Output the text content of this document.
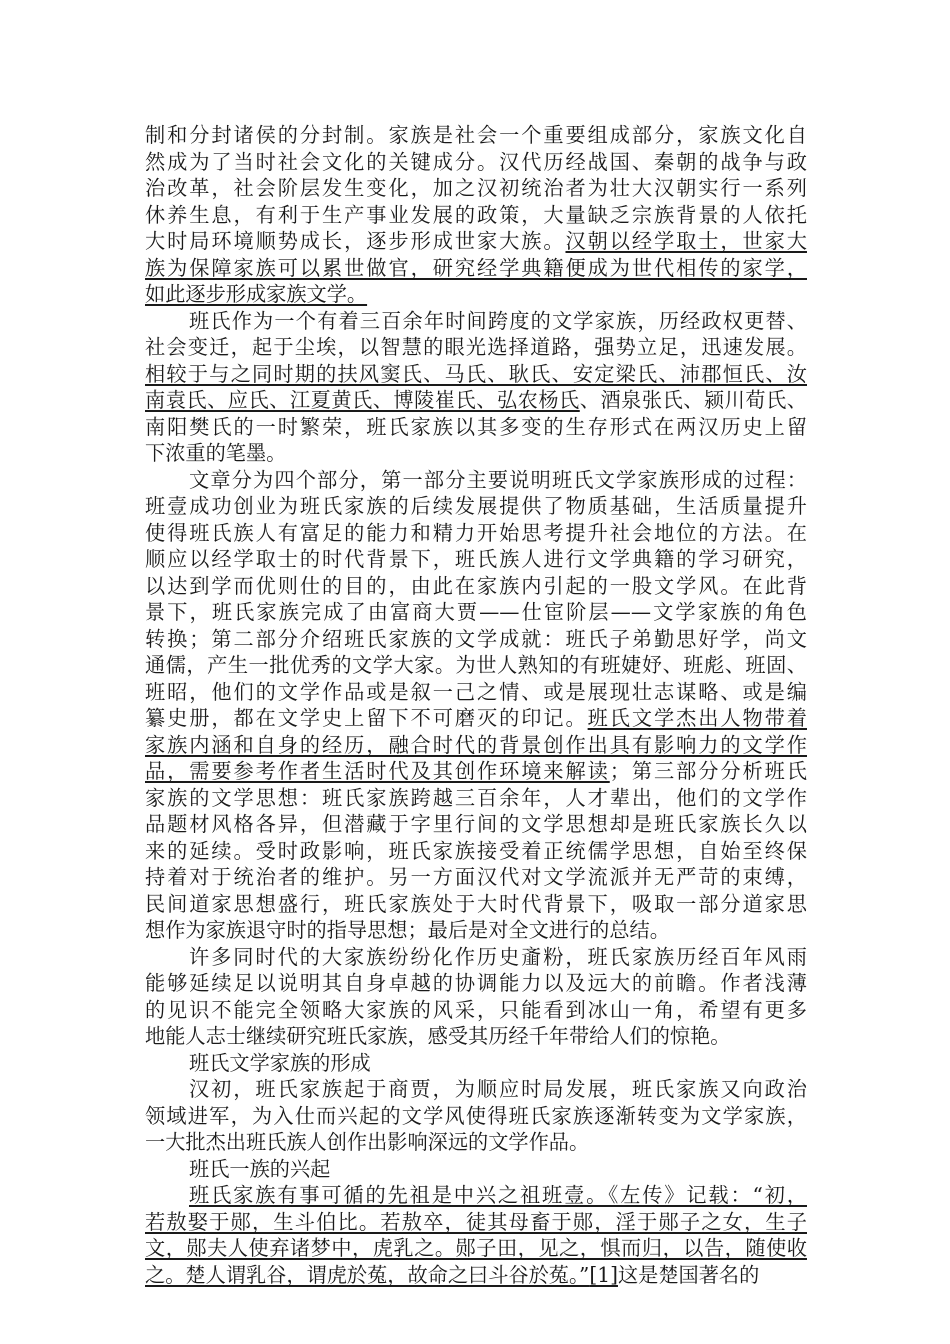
制和分封诸侯的分封制。家族是社会一个重要组成部分，家族文化自
然成为了当时社会文化的关键成分。汉代历经战国、秦朝的战争与政
治改革，社会阶层发生变化，加之汉初统治者为壮大汉朝实行一系列
休养生息，有利于生产事业发展的政策，大量缺乏宗族背景的人依托
大时局环境顺势成长，逐步形成世家大族。汉朝以经学取士，世家大
族为保障家族可以累世做官，研究经学典籍便成为世代相传的家学，
如此逐步形成家族文学。
班氏作为一个有着三百余年时间跨度的文学家族，历经政权更替、
社会变迁，起于尘埃，以智慧的眼光选择道路，强势立足，迅速发展。
相较于与之同时期的扶风窦氏、马氏、耿氏、安定梁氏、沛郡恒氏、汝
南袁氏、应氏、江夏黄氏、博陵崔氏、弘农杨氏、酒泉张氏、颍川荀氏、
南阳樊氏的一时繁荣，班氏家族以其多变的生存形式在两汉历史上留
下浓重的笔墨。
文章分为四个部分，第一部分主要说明班氏文学家族形成的过程：
班壹成功创业为班氏家族的后续发展提供了物质基础，生活质量提升
使得班氏族人有富足的能力和精力开始思考提升社会地位的方法。在
顺应以经学取士的时代背景下，班氏族人进行文学典籍的学习研究，
以达到学而优则仕的目的，由此在家族内引起的一股文学风。在此背
景下，班氏家族完成了由富商大贾——仕宦阶层——文学家族的角色
转换；第二部分介绍班氏家族的文学成就：班氏子弟勤思好学，尚文
通儒，产生一批优秀的文学大家。为世人熟知的有班婕妤、班彪、班固、
班昭，他们的文学作品或是叙一己之情、或是展现壮志谋略、或是编
纂史册，都在文学史上留下不可磨灭的印记。班氏文学杰出人物带着
家族内涵和自身的经历，融合时代的背景创作出具有影响力的文学作
品，需要参考作者生活时代及其创作环境来解读；第三部分分析班氏
家族的文学思想：班氏家族跨越三百余年，人才辈出，他们的文学作
品题材风格各异，但潜藏于字里行间的文学思想却是班氏家族长久以
来的延续。受时政影响，班氏家族接受着正统儒学思想，自始至终保
持着对于统治者的维护。另一方面汉代对文学流派并无严苛的束缚，
民间道家思想盛行，班氏家族处于大时代背景下，吸取一部分道家思
想作为家族退守时的指导思想；最后是对全文进行的总结。
许多同时代的大家族纷纷化作历史齑粉，班氏家族历经百年风雨
能够延续足以说明其自身卓越的协调能力以及远大的前瞻。作者浅薄
的见识不能完全领略大家族的风采，只能看到冰山一角，希望有更多
地能人志士继续研究班氏家族，感受其历经千年带给人们的惊艳。
班氏文学家族的形成
汉初，班氏家族起于商贾，为顺应时局发展，班氏家族又向政治
领域进军，为入仕而兴起的文学风使得班氏家族逐渐转变为文学家族，
一大批杰出班氏族人创作出影响深远的文学作品。
班氏一族的兴起
班氏家族有事可循的先祖是中兴之祖班壹。《左传》记载：“初，
若敖娶于郧，生斗伯比。若敖卒，徒其母畜于郧，淫于郧子之女，生子
文，郧夫人使弃诸梦中，虎乳之。郧子田，见之，惧而归，以告，随使收
之。楚人谓乳谷，谓虎於菟，故命之曰斗谷於菟。”[1]这是楚国著名的
